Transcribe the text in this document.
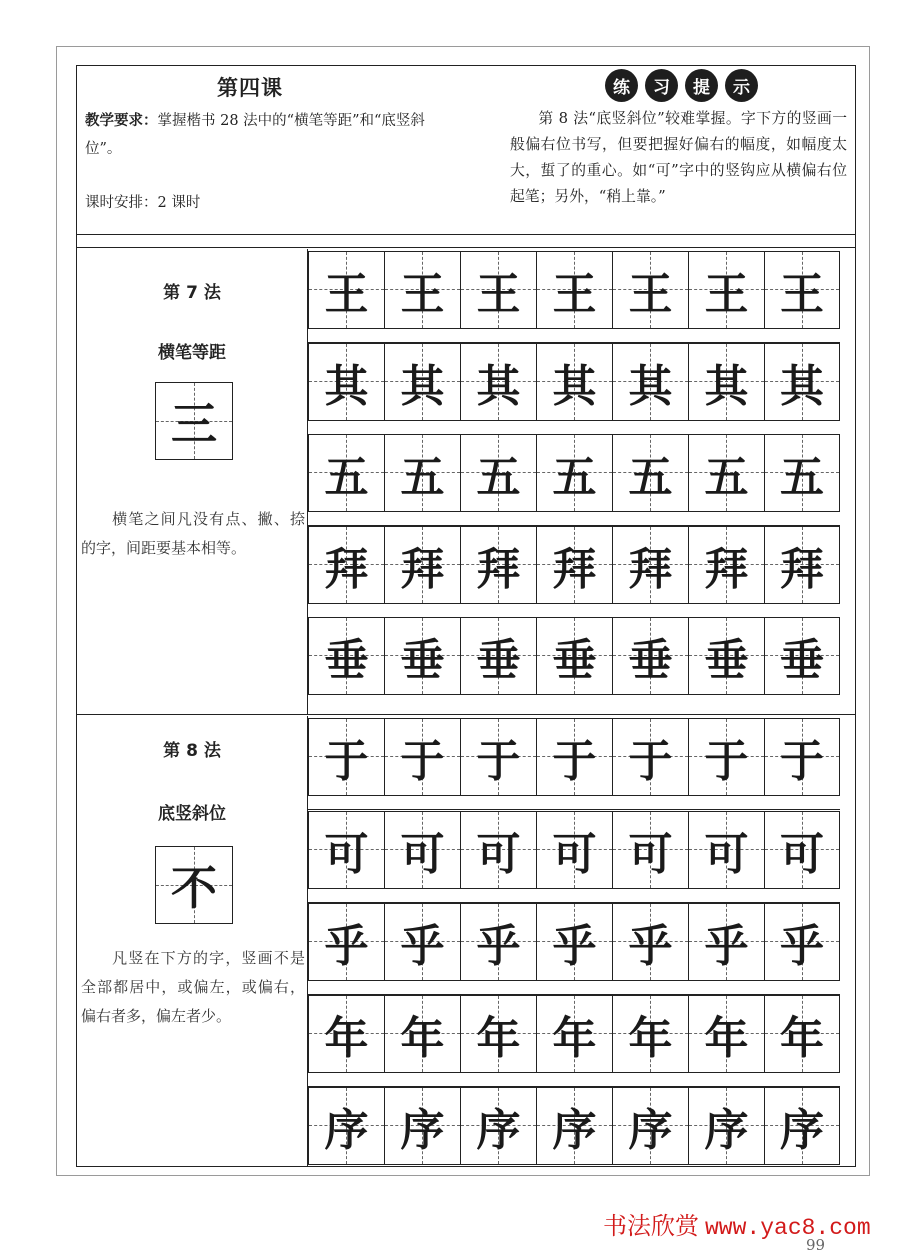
第四课
教学要求：掌握楷书 28 法中的“横笔等距”和“底竖斜位”。
课时安排：2 课时
练	习	提	示
第 8 法“底竖斜位”较难掌握。字下方的竖画一般偏右位书写，但要把握好偏右的幅度，如幅度太大，蜇了的重心。如“可”字中的竖钩应从横偏右位起笔；另外，“稍上靠。”
第 7 法
横笔等距
三
横笔之间凡没有点、撇、捺的字，间距要基本相等。
王 王 王 王 王 王 王
其 其 其 其 其 其 其
五 五 五 五 五 五 五
拜 拜 拜 拜 拜 拜 拜
垂 垂 垂 垂 垂 垂 垂
第 8 法
底竖斜位
不
凡竖在下方的字，竖画不是全部都居中，或偏左，或偏右，偏右者多，偏左者少。
于 于 于 于 于 于 于
可 可 可 可 可 可 可
乎 乎 乎 乎 乎 乎 乎
年 年 年 年 年 年 年
序 序 序 序 序 序 序
书法欣赏 www.yac8.com
99
